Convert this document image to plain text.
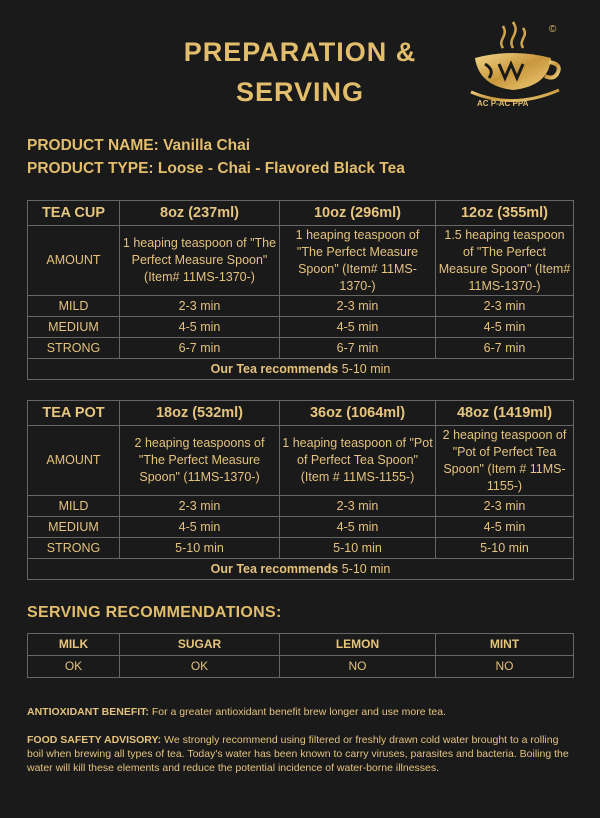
PREPARATION &
SERVING	AC P-AC PPA
©
PRODUCT NAME: Vanilla Chai
PRODUCT TYPE: Loose - Chai - Flavored Black Tea
TEA CUP	8oz (237ml)	10oz (296ml)	12oz (355ml)
AMOUNT	1 heaping teaspoon of "The Perfect Measure Spoon" (Item# 11MS-1370-)	1 heaping teaspoon of "The Perfect Measure Spoon" (Item# 11MS-1370-)	1.5 heaping teaspoon of "The Perfect Measure Spoon" (Item# 11MS-1370-)
MILD	2-3 min	2-3 min	2-3 min
MEDIUM	4-5 min	4-5 min	4-5 min
STRONG	6-7 min	6-7 min	6-7 min
Our Tea recommends 5-10 min			
TEA POT	18oz (532ml)	36oz (1064ml)	48oz (1419ml)
AMOUNT	2 heaping teaspoons of "The Perfect Measure Spoon" (11MS-1370-)	1 heaping teaspoon of "Pot of Perfect Tea Spoon" (Item # 11MS-1155-)	2 heaping teaspoon of "Pot of Perfect Tea Spoon" (Item # 11MS-1155-)
MILD	2-3 min	2-3 min	2-3 min
MEDIUM	4-5 min	4-5 min	4-5 min
STRONG	5-10 min	5-10 min	5-10 min
Our Tea recommends 5-10 min			
SERVING RECOMMENDATIONS:
MILK	SUGAR	LEMON	MINT
OK	OK	NO	NO
ANTIOXIDANT BENEFIT: For a greater antioxidant benefit brew longer and use more tea.
FOOD SAFETY ADVISORY: We strongly recommend using filtered or freshly drawn cold water brought to a rolling boil when brewing all types of tea. Today's water has been known to carry viruses, parasites and bacteria. Boiling the water will kill these elements and reduce the potential incidence of water-borne illnesses.
